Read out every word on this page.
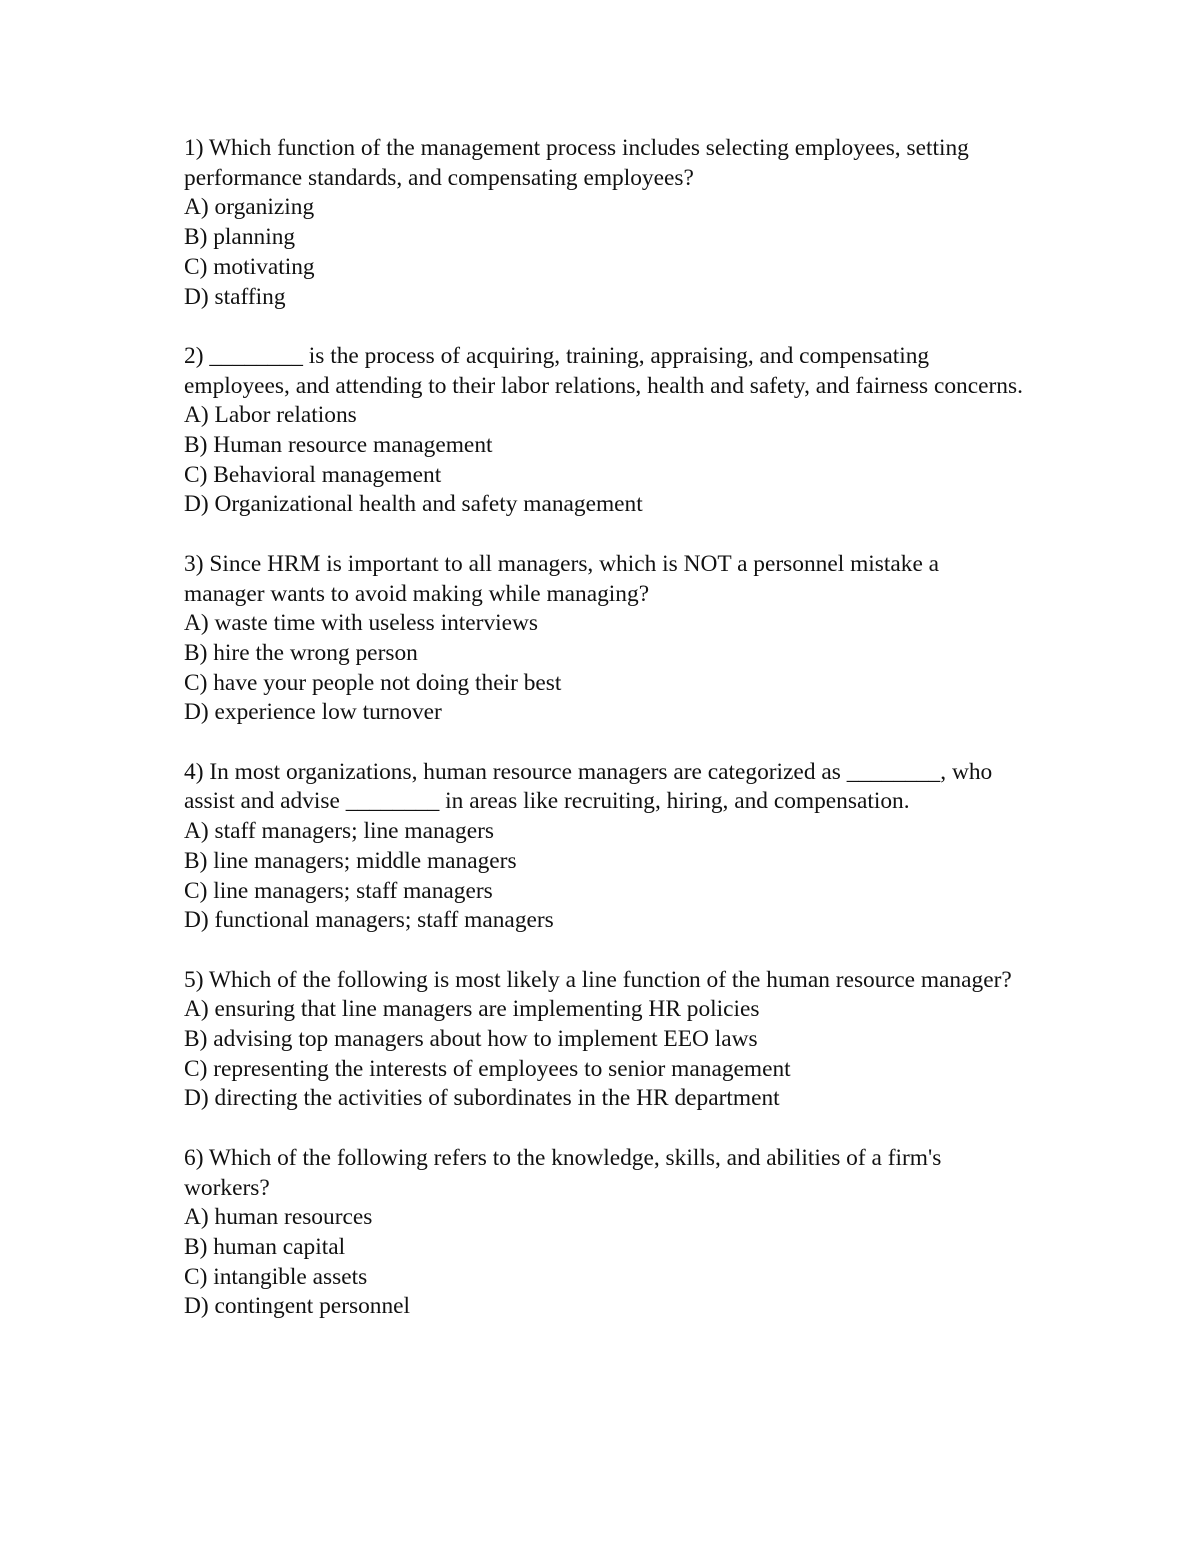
1) Which function of the management process includes selecting employees, setting performance standards, and compensating employees?

A) organizing

B) planning

C) motivating

D) staffing

2) ________ is the process of acquiring, training, appraising, and compensating employees, and attending to their labor relations, health and safety, and fairness concerns.

A) Labor relations

B) Human resource management

C) Behavioral management

D) Organizational health and safety management

3) Since HRM is important to all managers, which is NOT a personnel mistake a manager wants to avoid making while managing?

A) waste time with useless interviews

B) hire the wrong person

C) have your people not doing their best

D) experience low turnover

4) In most organizations, human resource managers are categorized as ________, who assist and advise ________ in areas like recruiting, hiring, and compensation.

A) staff managers; line managers

B) line managers; middle managers

C) line managers; staff managers

D) functional managers; staff managers

5) Which of the following is most likely a line function of the human resource manager?

A) ensuring that line managers are implementing HR policies

B) advising top managers about how to implement EEO laws

C) representing the interests of employees to senior management

D) directing the activities of subordinates in the HR department

6) Which of the following refers to the knowledge, skills, and abilities of a firm's workers?

A) human resources

B) human capital

C) intangible assets

D) contingent personnel
